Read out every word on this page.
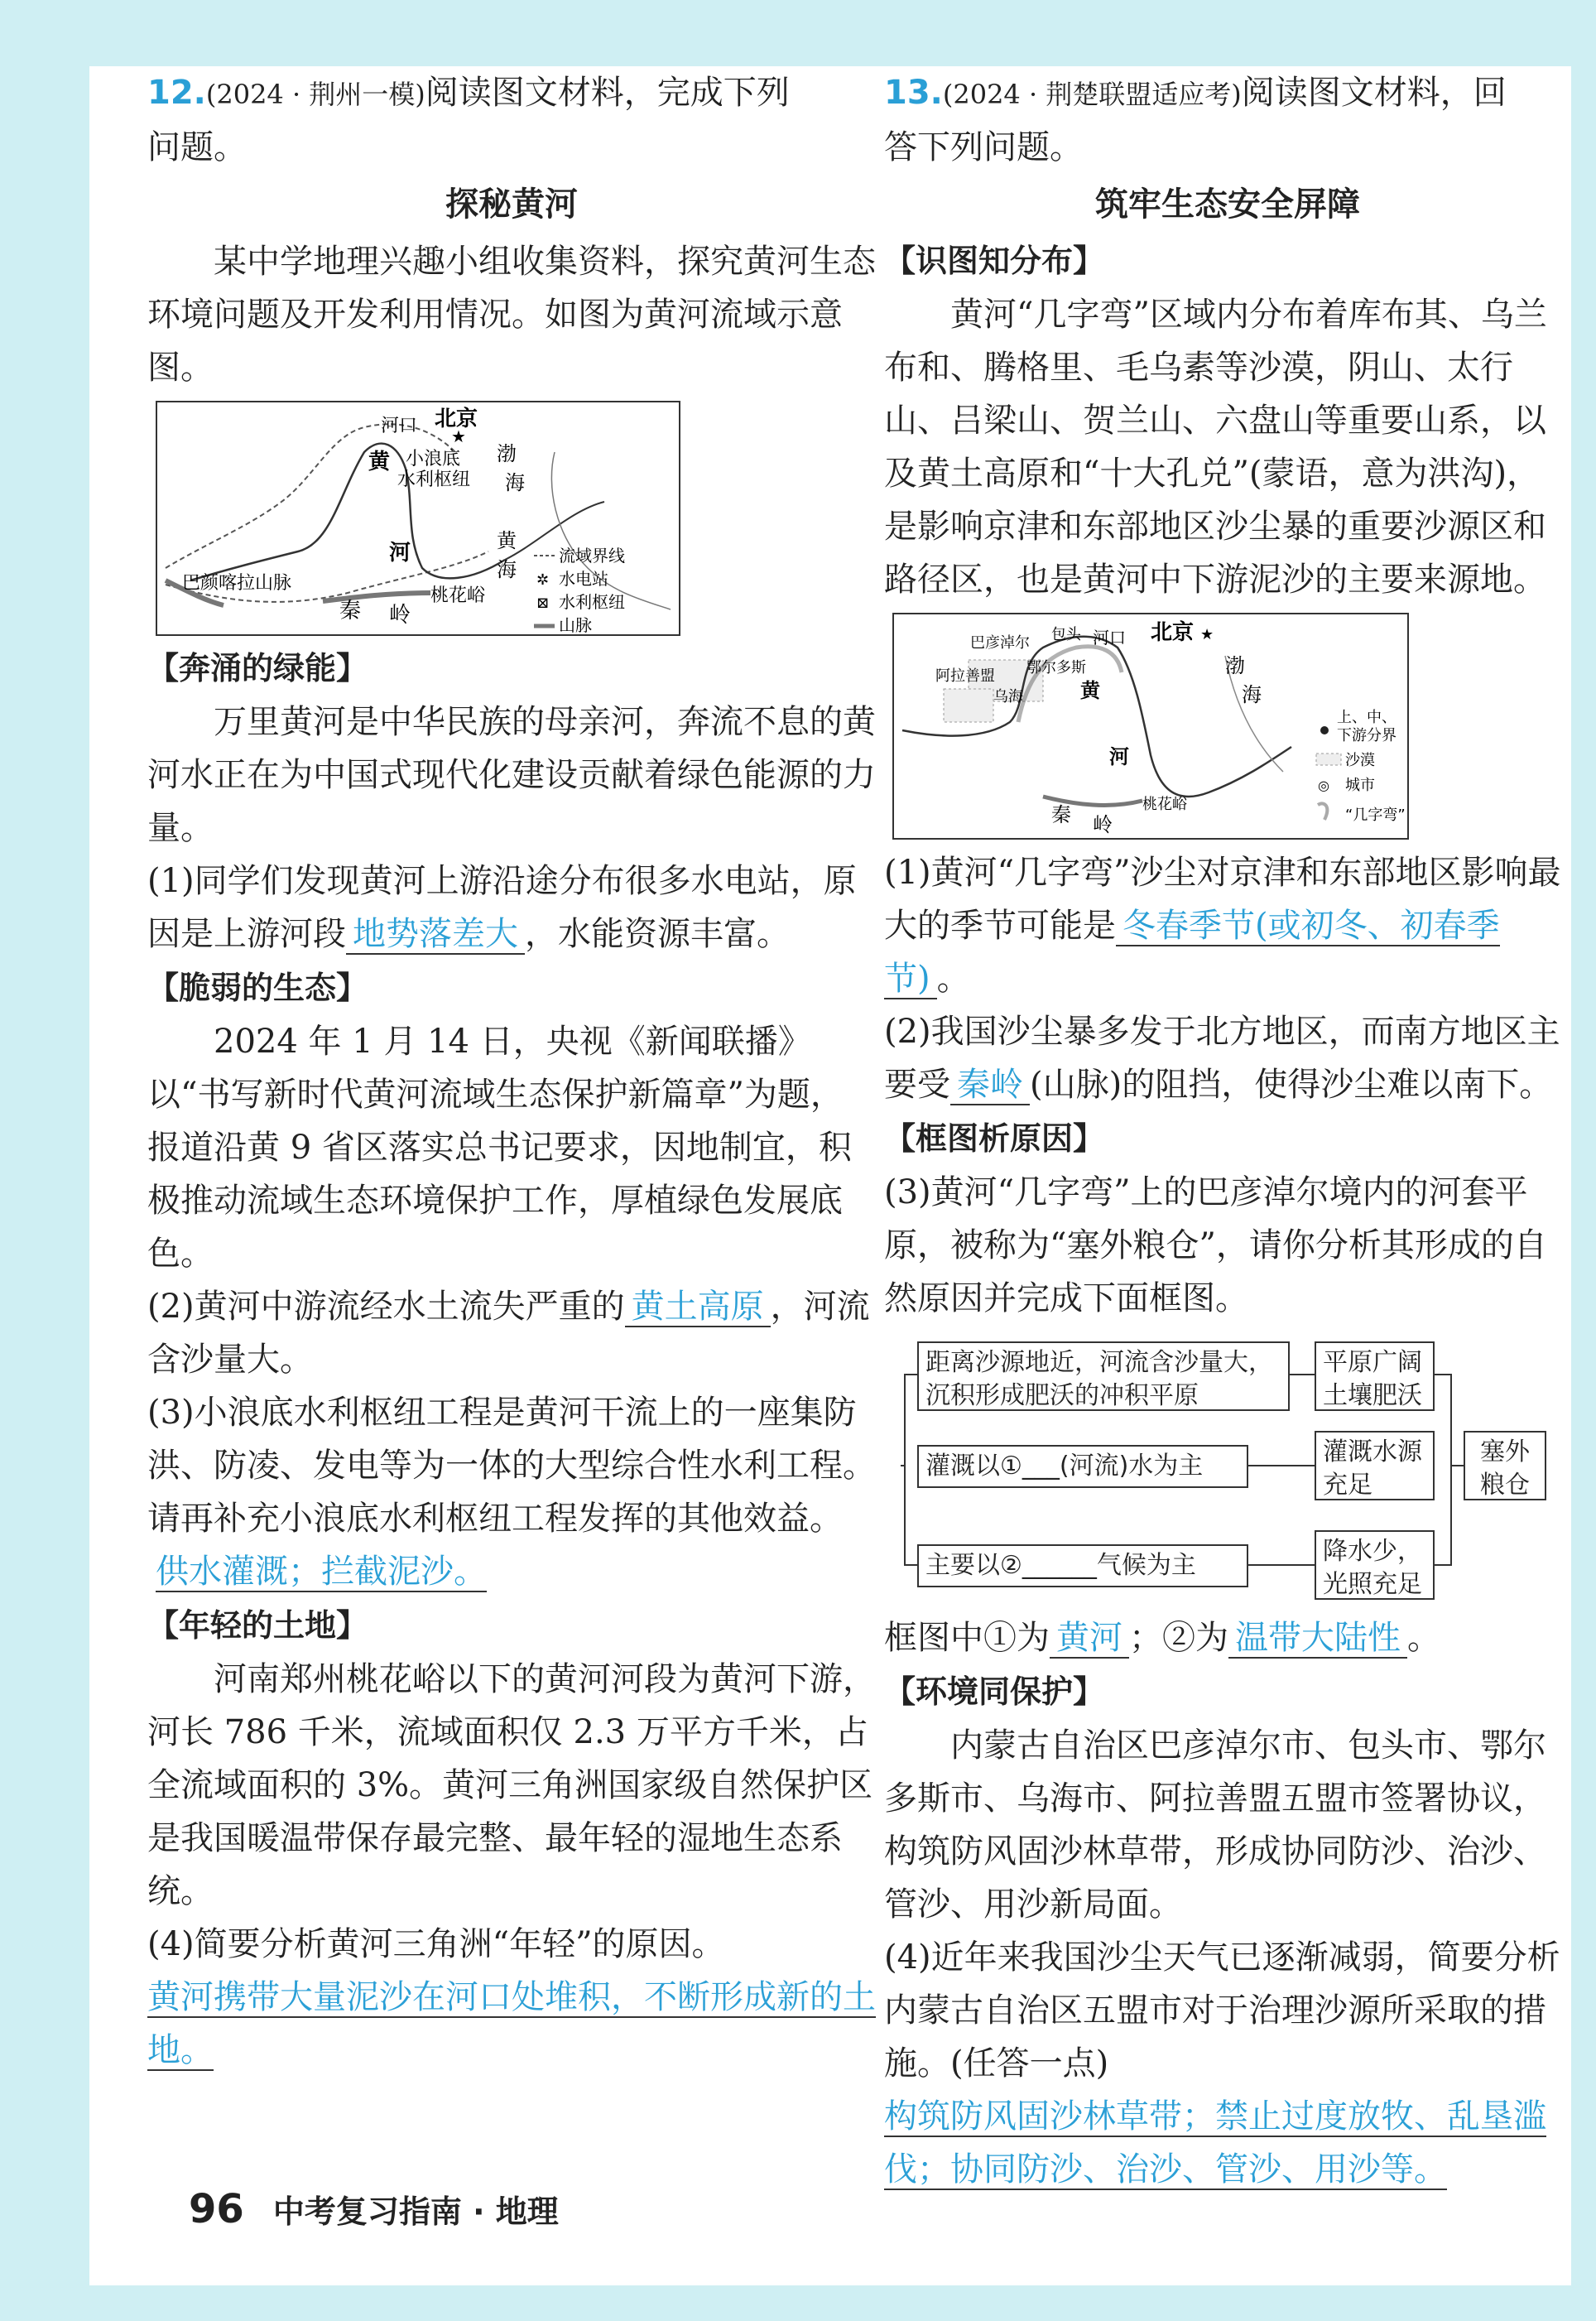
12.(2024 · 荆州一模)阅读图文材料，完成下列
问题。

探秘黄河

某中学地理兴趣小组收集资料，探究黄河生态环境问题及开发利用情况。如图为黄河流域示意图。

河口 北京
★
小浪底
水利枢纽
渤
海
黄
海
黄
河
巴颜喀拉山脉
秦 岭
桃花峪
流域界线
✲ 水电站
⊠ 水利枢纽
山脉
【奔涌的绿能】

万里黄河是中华民族的母亲河，奔流不息的黄河水正在为中国式现代化建设贡献着绿色能源的力量。

(1)同学们发现黄河上游沿途分布很多水电站，原因是上游河段 地势落差大 ，水能资源丰富。

【脆弱的生态】

2024 年 1 月 14 日，央视《新闻联播》以“书写新时代黄河流域生态保护新篇章”为题，报道沿黄 9 省区落实总书记要求，因地制宜，积极推动流域生态环境保护工作，厚植绿色发展底色。

(2)黄河中游流经水土流失严重的 黄土高原 ，河流含沙量大。

(3)小浪底水利枢纽工程是黄河干流上的一座集防洪、防凌、发电等为一体的大型综合性水利工程。请再补充小浪底水利枢纽工程发挥的其他效益。

供水灌溉；拦截泥沙。

【年轻的土地】

河南郑州桃花峪以下的黄河河段为黄河下游，河长 786 千米，流域面积仅 2.3 万平方千米，占全流域面积的 3%。黄河三角洲国家级自然保护区是我国暖温带保存最完整、最年轻的湿地生态系统。

(4)简要分析黄河三角洲“年轻”的原因。

黄河携带大量泥沙在河口处堆积，不断形成新的土地。

13.(2024 · 荆楚联盟适应考)阅读图文材料，回
答下列问题。

筑牢生态安全屏障
【识图知分布】

黄河“几字弯”区域内分布着库布其、乌兰布和、腾格里、毛乌素等沙漠，阴山、太行山、吕梁山、贺兰山、六盘山等重要山系，以及黄土高原和“十大孔兑”(蒙语，意为洪沟)，是影响京津和东部地区沙尘暴的重要沙源区和路径区，也是黄河中下游泥沙的主要来源地。

巴彦淖尔 包头
阿拉善盟 鄂尔多斯
乌海
河口 北京 ★
渤
海
黄
河
秦 岭
桃花峪
上、中、
下游分界
沙漠
◎ 城市
“几字弯”

(1)黄河“几字弯”沙尘对京津和东部地区影响最大的季节可能是 冬春季节(或初冬、初春季节) 。

(2)我国沙尘暴多发于北方地区，而南方地区主要受 秦岭 (山脉)的阻挡，使得沙尘难以南下。

【框图析原因】

(3)黄河“几字弯”上的巴彦淖尔境内的河套平原，被称为“塞外粮仓”，请你分析其形成的自然原因并完成下面框图。

距离沙源地近，河流含沙量大，沉积形成肥沃的冲积平原
平原广阔土壤肥沃
灌溉以①___(河流)水为主	灌溉水源充足
主要以②______气候为主	降水少，光照充足
塞外粮仓

框图中①为 黄河 ；②为 温带大陆性 。

【环境同保护】

内蒙古自治区巴彦淖尔市、包头市、鄂尔多斯市、乌海市、阿拉善盟五盟市签署协议，构筑防风固沙林草带，形成协同防沙、治沙、管沙、用沙新局面。

(4)近年来我国沙尘天气已逐渐减弱，简要分析内蒙古自治区五盟市对于治理沙源所采取的措施。(任答一点)

构筑防风固沙林草带；禁止过度放牧、乱垦滥伐；协同防沙、治沙、管沙、用沙等。

96 中考复习指南 · 地理
